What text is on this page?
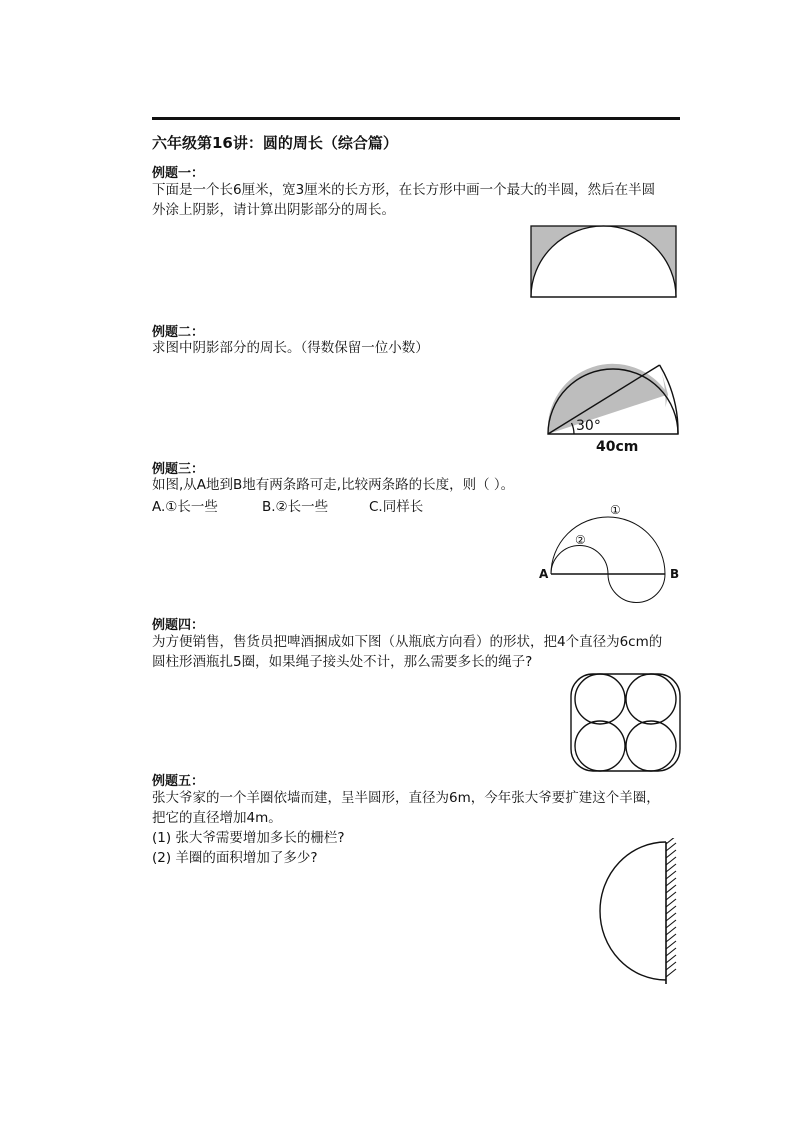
六年级第16讲：圆的周长（综合篇）
例题一：
下面是一个长6厘米，宽3厘米的长方形，在长方形中画一个最大的半圆，然后在半圆
外涂上阴影，请计算出阴影部分的周长。
例题二：
求图中阴影部分的周长。（得数保留一位小数）
30°
40cm
例题三：
如图,从A地到B地有两条路可走,比较两条路的长度，则（ ）。
A.①长一些	B.②长一些	C.同样长	①
②
A	B
例题四：
为方便销售，售货员把啤酒捆成如下图（从瓶底方向看）的形状，把4个直径为6cm的
圆柱形酒瓶扎5圈，如果绳子接头处不计，那么需要多长的绳子?
例题五：
张大爷家的一个羊圈依墙而建，呈半圆形，直径为6m，今年张大爷要扩建这个羊圈，
把它的直径增加4m。
(1) 张大爷需要增加多长的栅栏?
(2) 羊圈的面积增加了多少?
